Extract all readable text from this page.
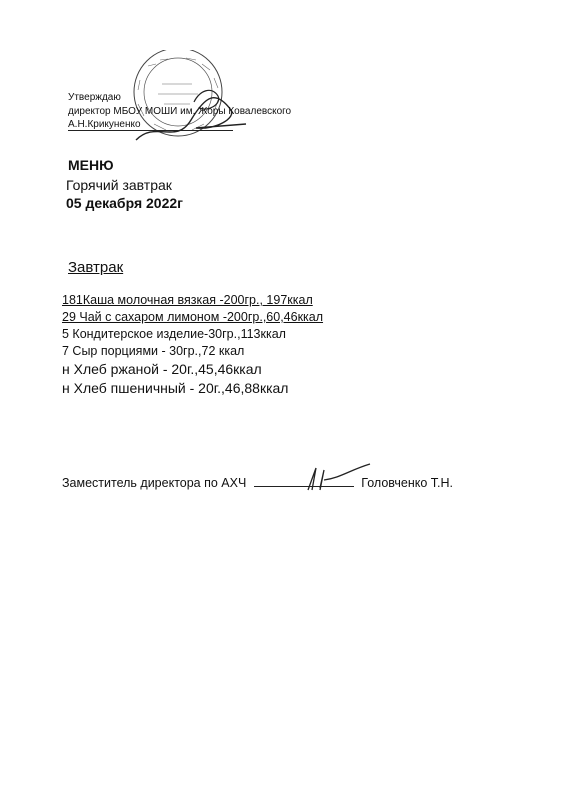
Утверждаю
директор МБОУ МОШИ им. Жоры Ковалевского
А.Н.Крикуненко
МЕНЮ
Горячий завтрак
05 декабря 2022г
Завтрак
181Каша молочная вязкая -200гр., 197ккал
29 Чай с сахаром лимоном -200гр.,60,46ккал
5 Кондитерское изделие-30гр.,113ккал
7 Сыр порциями - 30гр.,72 ккал
н Хлеб ржаной - 20г.,45,46ккал
н Хлеб пшеничный - 20г.,46,88ккал
Заместитель директора по АХЧ	Головченко Т.Н.
